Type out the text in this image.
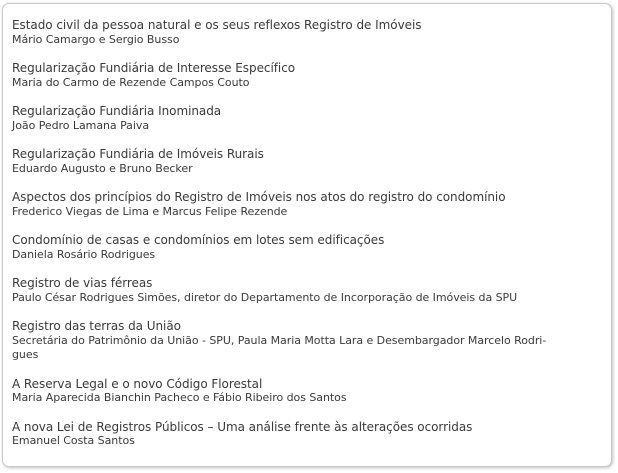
Estado civil da pessoa natural e os seus reflexos Registro de Imóveis
Mário Camargo e Sergio Busso
Regularização Fundiária de Interesse Específico
Maria do Carmo de Rezende Campos Couto
Regularização Fundiária Inominada
João Pedro Lamana Paiva
Regularização Fundiária de Imóveis Rurais
Eduardo Augusto e Bruno Becker
Aspectos dos princípios do Registro de Imóveis nos atos do registro do condomínio
Frederico Viegas de Lima e Marcus Felipe Rezende
Condomínio de casas e condomínios em lotes sem edificações
Daniela Rosário Rodrigues
Registro de vias férreas
Paulo César Rodrigues Simões, diretor do Departamento de Incorporação de Imóveis da SPU
Registro das terras da União
Secretária do Patrimônio da União - SPU, Paula Maria Motta Lara e Desembargador Marcelo Rodri-
gues
A Reserva Legal e o novo Código Florestal
Maria Aparecida Bianchin Pacheco e Fábio Ribeiro dos Santos
A nova Lei de Registros Públicos – Uma análise frente às alterações ocorridas
Emanuel Costa Santos
